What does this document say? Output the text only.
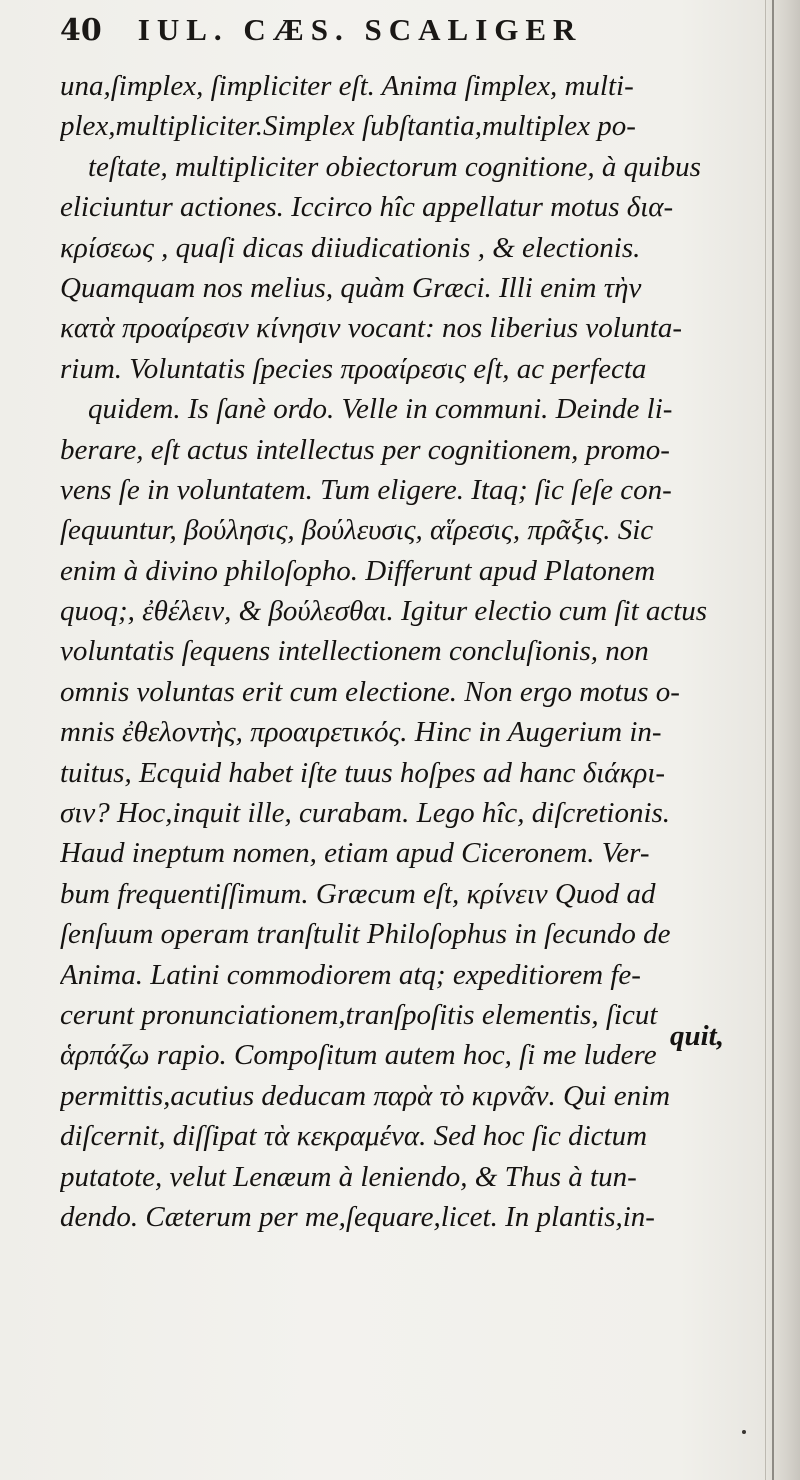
40 IUL. CÆS. SCALIGER
una,ſimplex, ſimpliciter eſt. Anima ſimplex, multi-
plex,multipliciter.Simplex ſubſtantia,multiplex po-
teſtate, multipliciter obiectorum cognitione, à quibus
eliciuntur actiones. Iccirco hîc appellatur motus δια-
κρίσεως , quaſi dicas diiudicationis , & electionis.
Quamquam nos melius, quàm Græci. Illi enim τὴν
κατὰ προαίρεσιν κίνησιν vocant: nos liberius volunta-
rium. Voluntatis ſpecies προαίρεσις eſt, ac perfecta
quidem. Is ſanè ordo. Velle in communi. Deinde li-
berare, eſt actus intellectus per cognitionem, promo-
vens ſe in voluntatem. Tum eligere. Itaq; ſic ſeſe con-
ſequuntur, βούλησις, βούλευσις, αἵρεσις, πρᾶξις. Sic
enim à divino philoſopho. Differunt apud Platonem
quoq;, ἐθέλειν, & βούλεσθαι. Igitur electio cum ſit actus
voluntatis ſequens intellectionem concluſionis, non
omnis voluntas erit cum electione. Non ergo motus o-
mnis ἐθελοντὴς, προαιρετικός. Hinc in Augerium in-
tuitus, Ecquid habet iſte tuus hoſpes ad hanc διάκρι-
σιν? Hoc,inquit ille, curabam. Lego hîc, diſcretionis.
Haud ineptum nomen, etiam apud Ciceronem. Ver-
bum frequentiſſimum. Græcum eſt, κρίνειν Quod ad
ſenſuum operam tranſtulit Philoſophus in ſecundo de
Anima. Latini commodiorem atq; expeditiorem fe-
cerunt pronunciationem,tranſpoſitis elementis, ſicut
ἁρπάζω rapio. Compoſitum autem hoc, ſi me ludere
permittis,acutius deducam παρὰ τὸ κιρνᾶν. Qui enim
diſcernit, diſſipat τὰ κεκραμένα. Sed hoc ſic dictum
putatote, velut Lenæum à leniendo, & Thus à tun-
dendo. Cæterum per me,ſequare,licet. In plantis,in-
quit,
